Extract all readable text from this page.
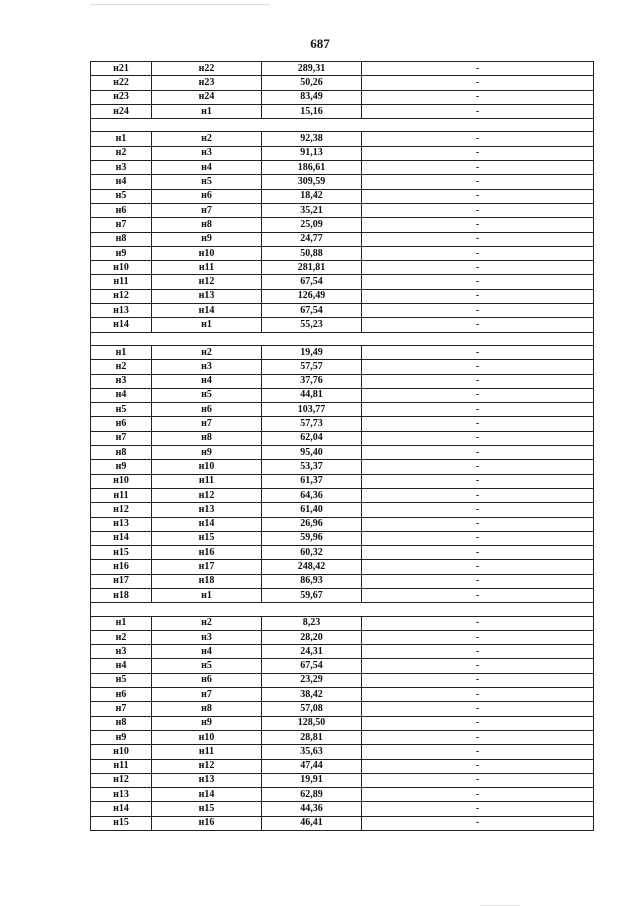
687
н21	н22	289,31	-
н22	н23	50,26	-
н23	н24	83,49	-
н24	н1	15,16	-

н1	н2	92,38	-
н2	н3	91,13	-
н3	н4	186,61	-
н4	н5	309,59	-
н5	н6	18,42	-
н6	н7	35,21	-
н7	н8	25,09	-
н8	н9	24,77	-
н9	н10	50,88	-
н10	н11	281,81	-
н11	н12	67,54	-
н12	н13	126,49	-
н13	н14	67,54	-
н14	н1	55,23	-

н1	н2	19,49	-
н2	н3	57,57	-
н3	н4	37,76	-
н4	н5	44,81	-
н5	н6	103,77	-
н6	н7	57,73	-
н7	н8	62,04	-
н8	н9	95,40	-
н9	н10	53,37	-
н10	н11	61,37	-
н11	н12	64,36	-
н12	н13	61,40	-
н13	н14	26,96	-
н14	н15	59,96	-
н15	н16	60,32	-
н16	н17	248,42	-
н17	н18	86,93	-
н18	н1	59,67	-

н1	н2	8,23	-
н2	н3	28,20	-
н3	н4	24,31	-
н4	н5	67,54	-
н5	н6	23,29	-
н6	н7	38,42	-
н7	н8	57,08	-
н8	н9	128,50	-
н9	н10	28,81	-
н10	н11	35,63	-
н11	н12	47,44	-
н12	н13	19,91	-
н13	н14	62,89	-
н14	н15	44,36	-
н15	н16	46,41	-
